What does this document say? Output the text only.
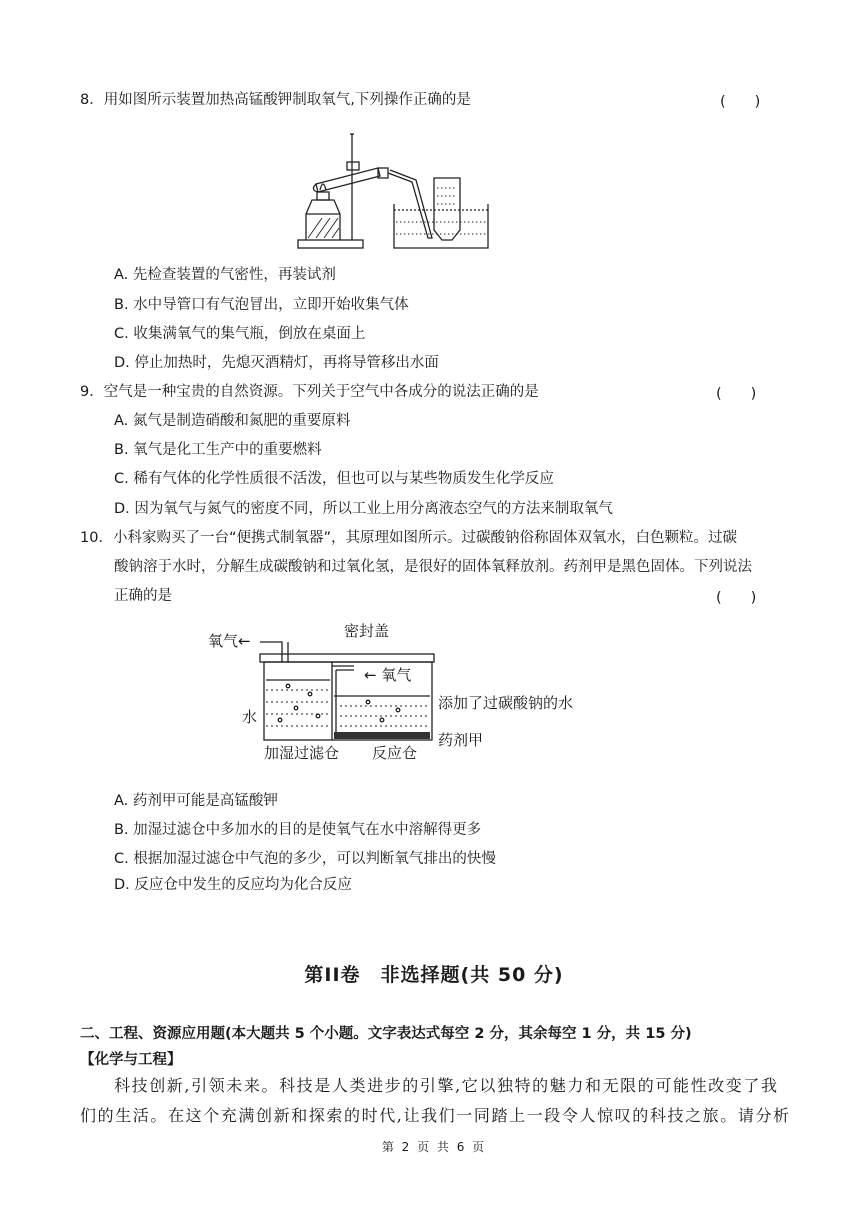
8．用如图所示装置加热高锰酸钾制取氧气,下列操作正确的是	(　　)
A. 先检查装置的气密性，再装试剂
B. 水中导管口有气泡冒出，立即开始收集气体
C. 收集满氧气的集气瓶，倒放在桌面上
D. 停止加热时，先熄灭酒精灯，再将导管移出水面
9．空气是一种宝贵的自然资源。下列关于空气中各成分的说法正确的是	(　　)
A. 氮气是制造硝酸和氮肥的重要原料
B. 氧气是化工生产中的重要燃料
C. 稀有气体的化学性质很不活泼，但也可以与某些物质发生化学反应
D. 因为氧气与氮气的密度不同，所以工业上用分离液态空气的方法来制取氧气
10．小科家购买了一台“便携式制氧器”，其原理如图所示。过碳酸钠俗称固体双氧水，白色颗粒。过碳
酸钠溶于水时，分解生成碳酸钠和过氧化氢，是很好的固体氧释放剂。药剂甲是黑色固体。下列说法
正确的是	(　　)
氧气←
密封盖
← 氧气
水
添加了过碳酸钠的水
药剂甲
加湿过滤仓 反应仓
A. 药剂甲可能是高锰酸钾
B. 加湿过滤仓中多加水的目的是使氧气在水中溶解得更多
C. 根据加湿过滤仓中气泡的多少，可以判断氧气排出的快慢
D. 反应仓中发生的反应均为化合反应
第II卷　非选择题(共 50 分)
二、工程、资源应用题(本大题共 5 个小题。文字表达式每空 2 分，其余每空 1 分，共 15 分)
【化学与工程】
科技创新,引领未来。科技是人类进步的引擎,它以独特的魅力和无限的可能性改变了我
们的生活。在这个充满创新和探索的时代,让我们一同踏上一段令人惊叹的科技之旅。请分析
第 2 页 共 6 页
